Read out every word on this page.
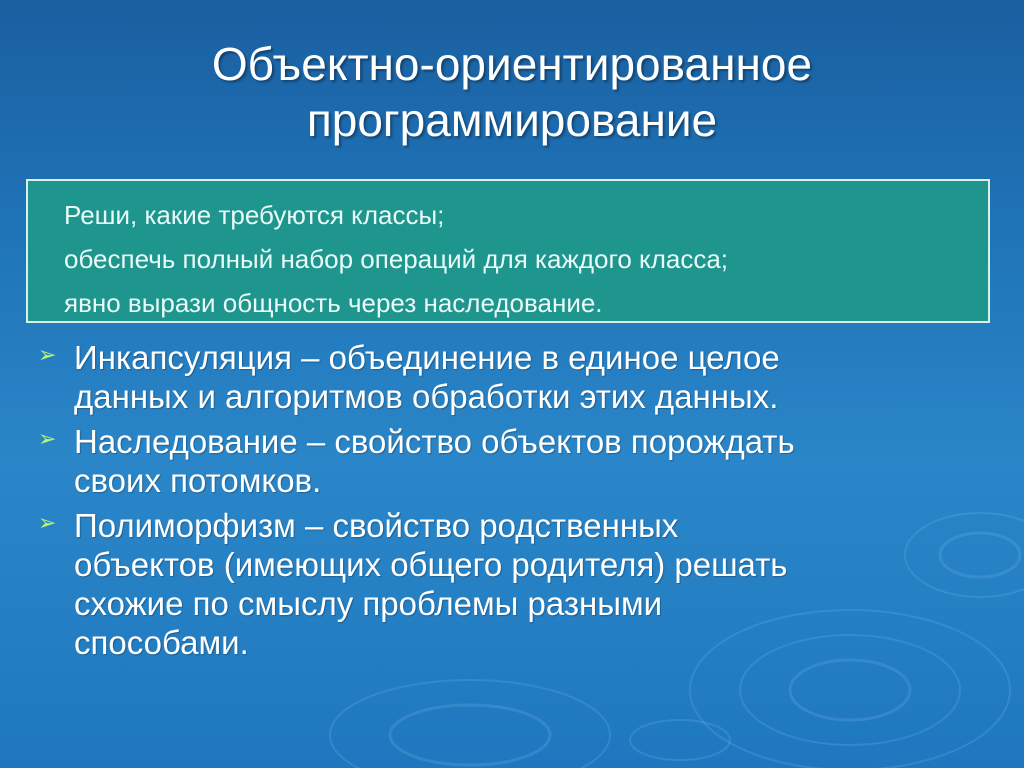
Объектно-ориентированное
программирование
Реши, какие требуются классы;
обеспечь полный набор операций для каждого класса;
явно вырази общность через наследование.
➢ Инкапсуляция – объединение в единое целое
данных и алгоритмов обработки этих данных.
➢ Наследование – свойство объектов порождать
своих потомков.
➢ Полиморфизм – свойство родственных
объектов (имеющих общего родителя) решать
схожие по смыслу проблемы разными
способами.
